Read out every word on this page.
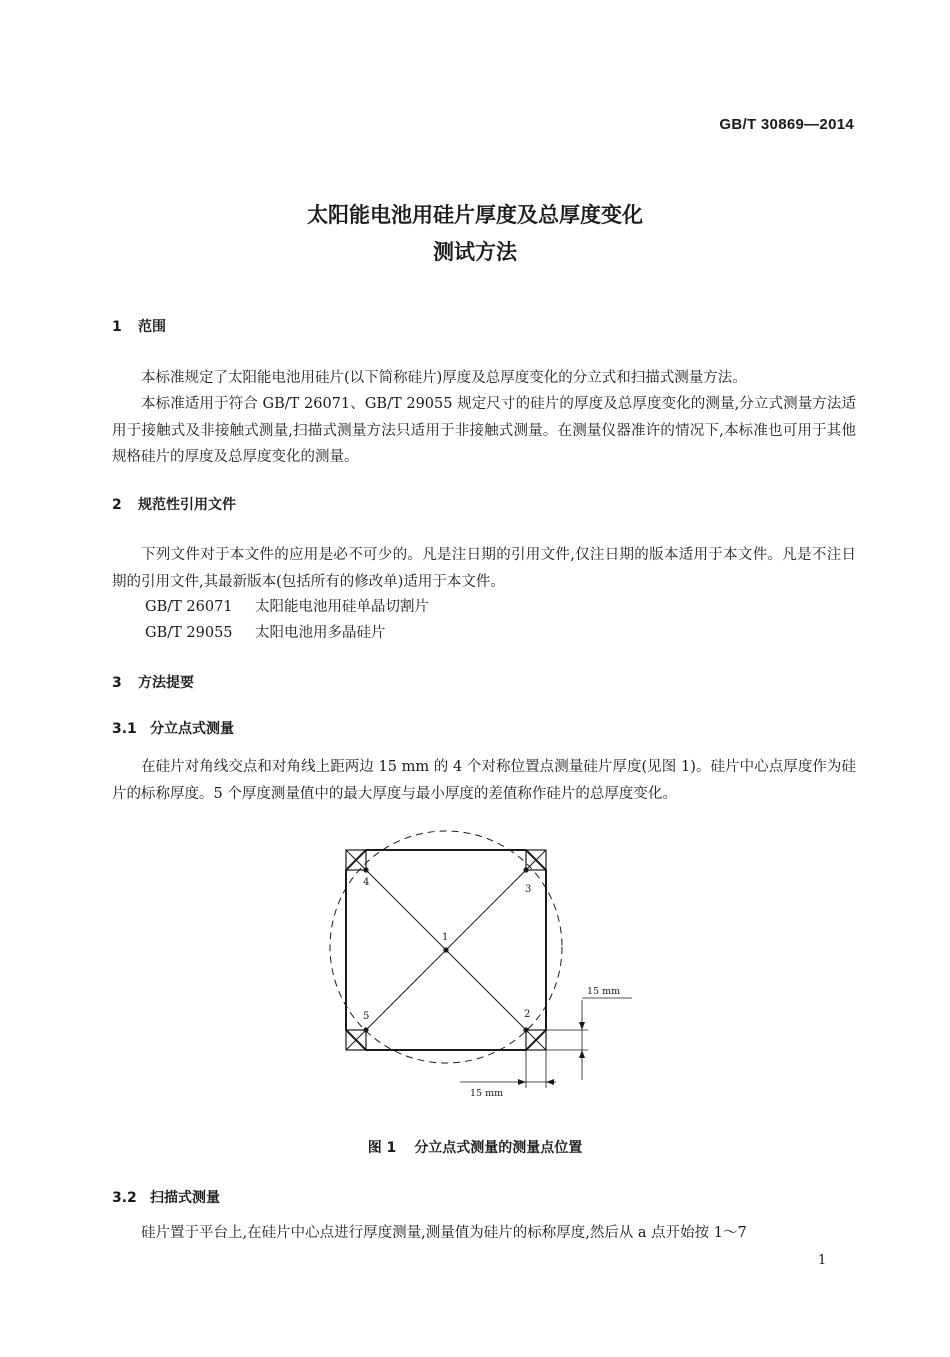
GB/T 30869—2014
太阳能电池用硅片厚度及总厚度变化
测试方法
1 范围

本标准规定了太阳能电池用硅片(以下简称硅片)厚度及总厚度变化的分立式和扫描式测量方法。

本标准适用于符合 GB/T 26071、GB/T 29055 规定尺寸的硅片的厚度及总厚度变化的测量,分立式测量方法适用于接触式及非接触式测量,扫描式测量方法只适用于非接触式测量。在测量仪器准许的情况下,本标准也可用于其他规格硅片的厚度及总厚度变化的测量。

2 规范性引用文件

下列文件对于本文件的应用是必不可少的。凡是注日期的引用文件,仅注日期的版本适用于本文件。凡是不注日期的引用文件,其最新版本(包括所有的修改单)适用于本文件。

GB/T 26071 太阳能电池用硅单晶切割片
GB/T 29055 太阳电池用多晶硅片
3 方法提要
3.1 分立点式测量

在硅片对角线交点和对角线上距两边 15 mm 的 4 个对称位置点测量硅片厚度(见图 1)。硅片中心点厚度作为硅片的标称厚度。5 个厚度测量值中的最大厚度与最小厚度的差值称作硅片的总厚度变化。

1
2
3
4
5
15 mm
15 mm
图 1 分立点式测量的测量点位置
3.2 扫描式测量

硅片置于平台上,在硅片中心点进行厚度测量,测量值为硅片的标称厚度,然后从 a 点开始按 1～7

1
